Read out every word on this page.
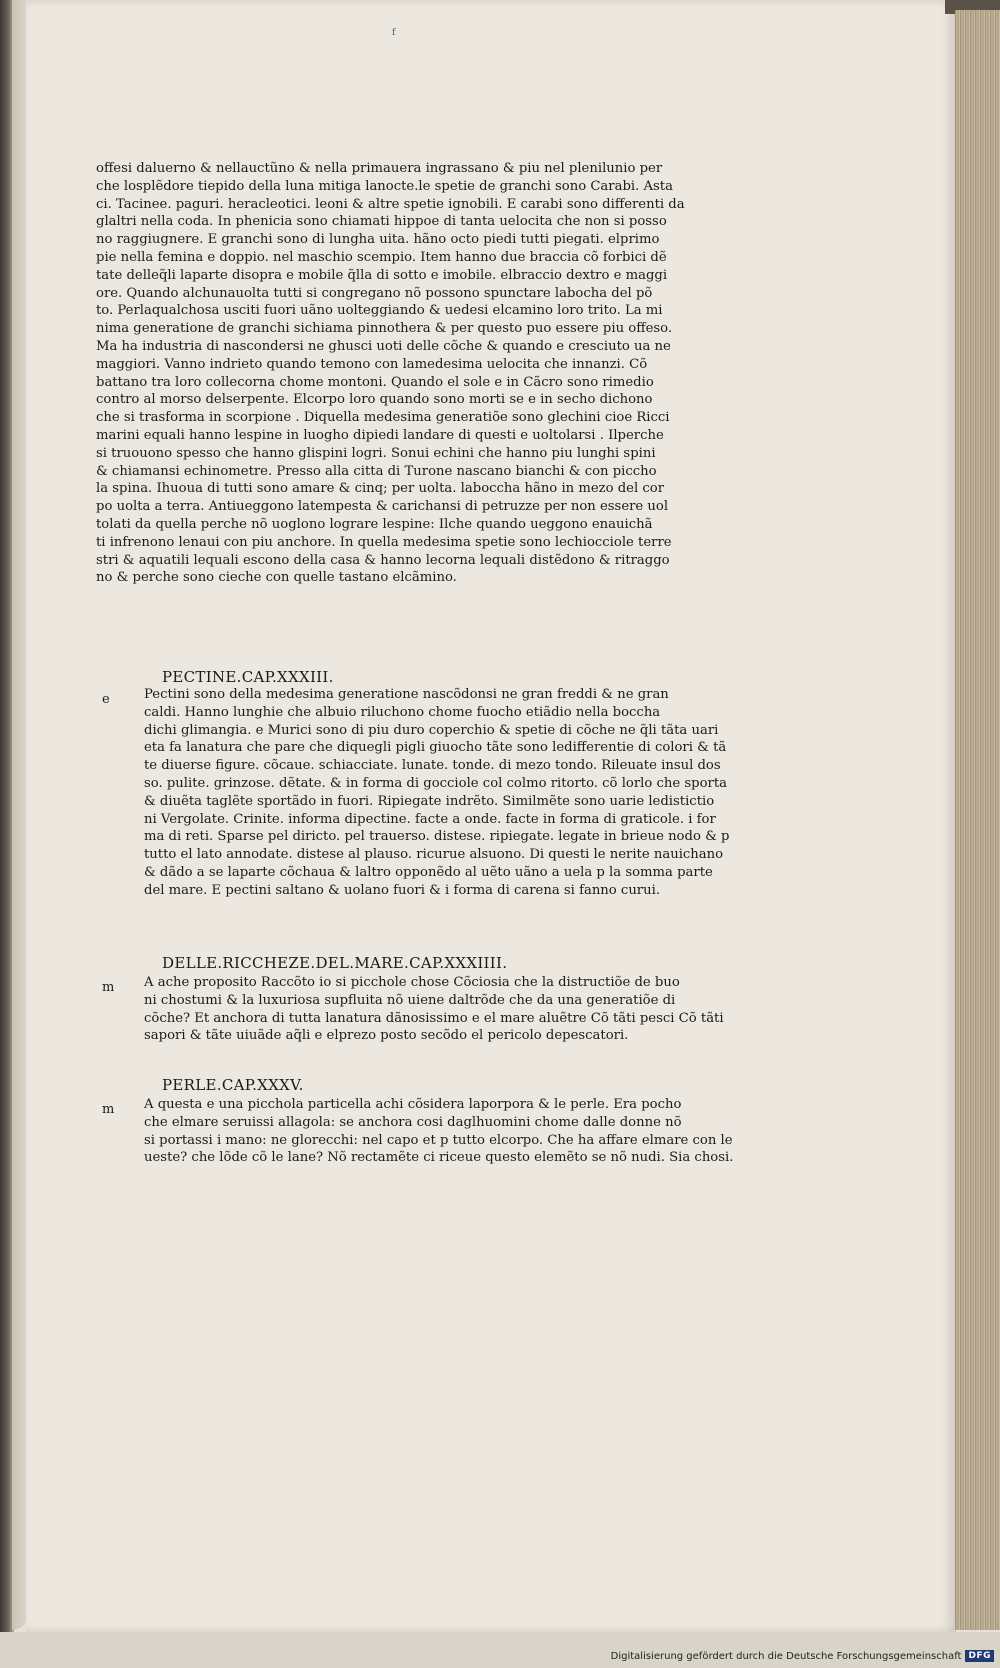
f
offesi daluerno & nellauctũno & nella primauera ingrassano & piu nel plenilunio per
che losplẽdore tiepido della luna mitiga lanocte.le spetie de granchi sono Carabi. Asta
ci. Tacinee. paguri. heracleotici. leoni & altre spetie ignobili. E carabi sono differenti da
glaltri nella coda. In phenicia sono chiamati hippoe di tanta uelocita che non si posso
no raggiugnere. E granchi sono di lungha uita. hãno octo piedi tutti piegati. elprimo
pie nella femina e doppio. nel maschio scempio. Item hanno due braccia cõ forbici dẽ
tate delleq̃li laparte disopra e mobile q̃lla di sotto e imobile. elbraccio dextro e maggi
ore. Quando alchunauolta tutti si congregano nõ possono spunctare labocha del põ
to. Perlaqualchosa usciti fuori uãno uolteggiando & uedesi elcamino loro trito. La mi
nima generatione de granchi sichiama pinnothera & per questo puo essere piu offeso.
Ma ha industria di nascondersi ne ghusci uoti delle cõche & quando e cresciuto ua ne
maggiori. Vanno indrieto quando temono con lamedesima uelocita che innanzi. Cõ
battano tra loro collecorna chome montoni. Quando el sole e in Cãcro sono rimedio
contro al morso delserpente. Elcorpo loro quando sono morti se e in secho dichono
che si trasforma in scorpione . Diquella medesima generatiõe sono glechini cioe Ricci
marini equali hanno lespine in luogho dipiedi landare di questi e uoltolarsi . Ilperche
si truouono spesso che hanno glispini logri. Sonui echini che hanno piu lunghi spini
& chiamansi echinometre. Presso alla citta di Turone nascano bianchi & con piccho
la spina. Ihuoua di tutti sono amare & cinq; per uolta. laboccha hãno in mezo del cor
po uolta a terra. Antiueggono latempesta & carichansi di petruzze per non essere uol
tolati da quella perche nõ uoglono lograre lespine: Ilche quando ueggono enauichã
ti infrenono lenaui con piu anchore. In quella medesima spetie sono lechiocciole terre
stri & aquatili lequali escono della casa & hanno lecorna lequali distẽdono & ritraggo
no & perche sono cieche con quelle tastano elcãmino.
PECTINE.CAP.XXXIII.
e	Pectini sono della medesima generatione nascõdonsi ne gran freddi & ne gran
caldi. Hanno lunghie che albuio riluchono chome fuocho etiãdio nella boccha
dichi glimangia. e Murici sono di piu duro coperchio & spetie di cõche ne q̃li tãta uari
eta fa lanatura che pare che diquegli pigli giuocho tãte sono ledifferentie di colori & tã
te diuerse figure. cõcaue. schiacciate. lunate. tonde. di mezo tondo. Rileuate insul dos
so. pulite. grinzose. dẽtate. & in forma di gocciole col colmo ritorto. cõ lorlo che sporta
& diuẽta taglẽte sportãdo in fuori. Ripiegate indrẽto. Similmẽte sono uarie ledistictio
ni Vergolate. Crinite. informa dipectine. facte a onde. facte in forma di graticole. i for
ma di reti. Sparse pel diricto. pel trauerso. distese. ripiegate. legate in brieue nodo & p
tutto el lato annodate. distese al plauso. ricurue alsuono. Di questi le nerite nauichano
& dãdo a se laparte cõchaua & laltro opponẽdo al uẽto uãno a uela p la somma parte
del mare. E pectini saltano & uolano fuori & i forma di carena si fanno curui.
DELLE.RICCHEZE.DEL.MARE.CAP.XXXIIII.
m A ache proposito Raccõto io si picchole chose Cõciosia che la distructiõe de buo
ni chostumi & la luxuriosa supfluita nõ uiene daltrõde che da una generatiõe di
cõche? Et anchora di tutta lanatura dãnosissimo e el mare aluẽtre Cõ tãti pesci Cõ tãti
sapori & tãte uiuãde aq̃li e elprezo posto secõdo el pericolo depescatori.
PERLE.CAP.XXXV.
m A questa e una picchola particella achi cõsidera laporpora & le perle. Era pocho
che elmare seruissi allagola: se anchora cosi daglhuomini chome dalle donne nõ
si portassi i mano: ne glorecchi: nel capo et p tutto elcorpo. Che ha affare elmare con le
ueste? che lõde cõ le lane? Nõ rectamẽte ci riceue questo elemẽto se nõ nudi. Sia chosi.
Digitalisierung gefördert durch die Deutsche Forschungsgemeinschaft DFG
